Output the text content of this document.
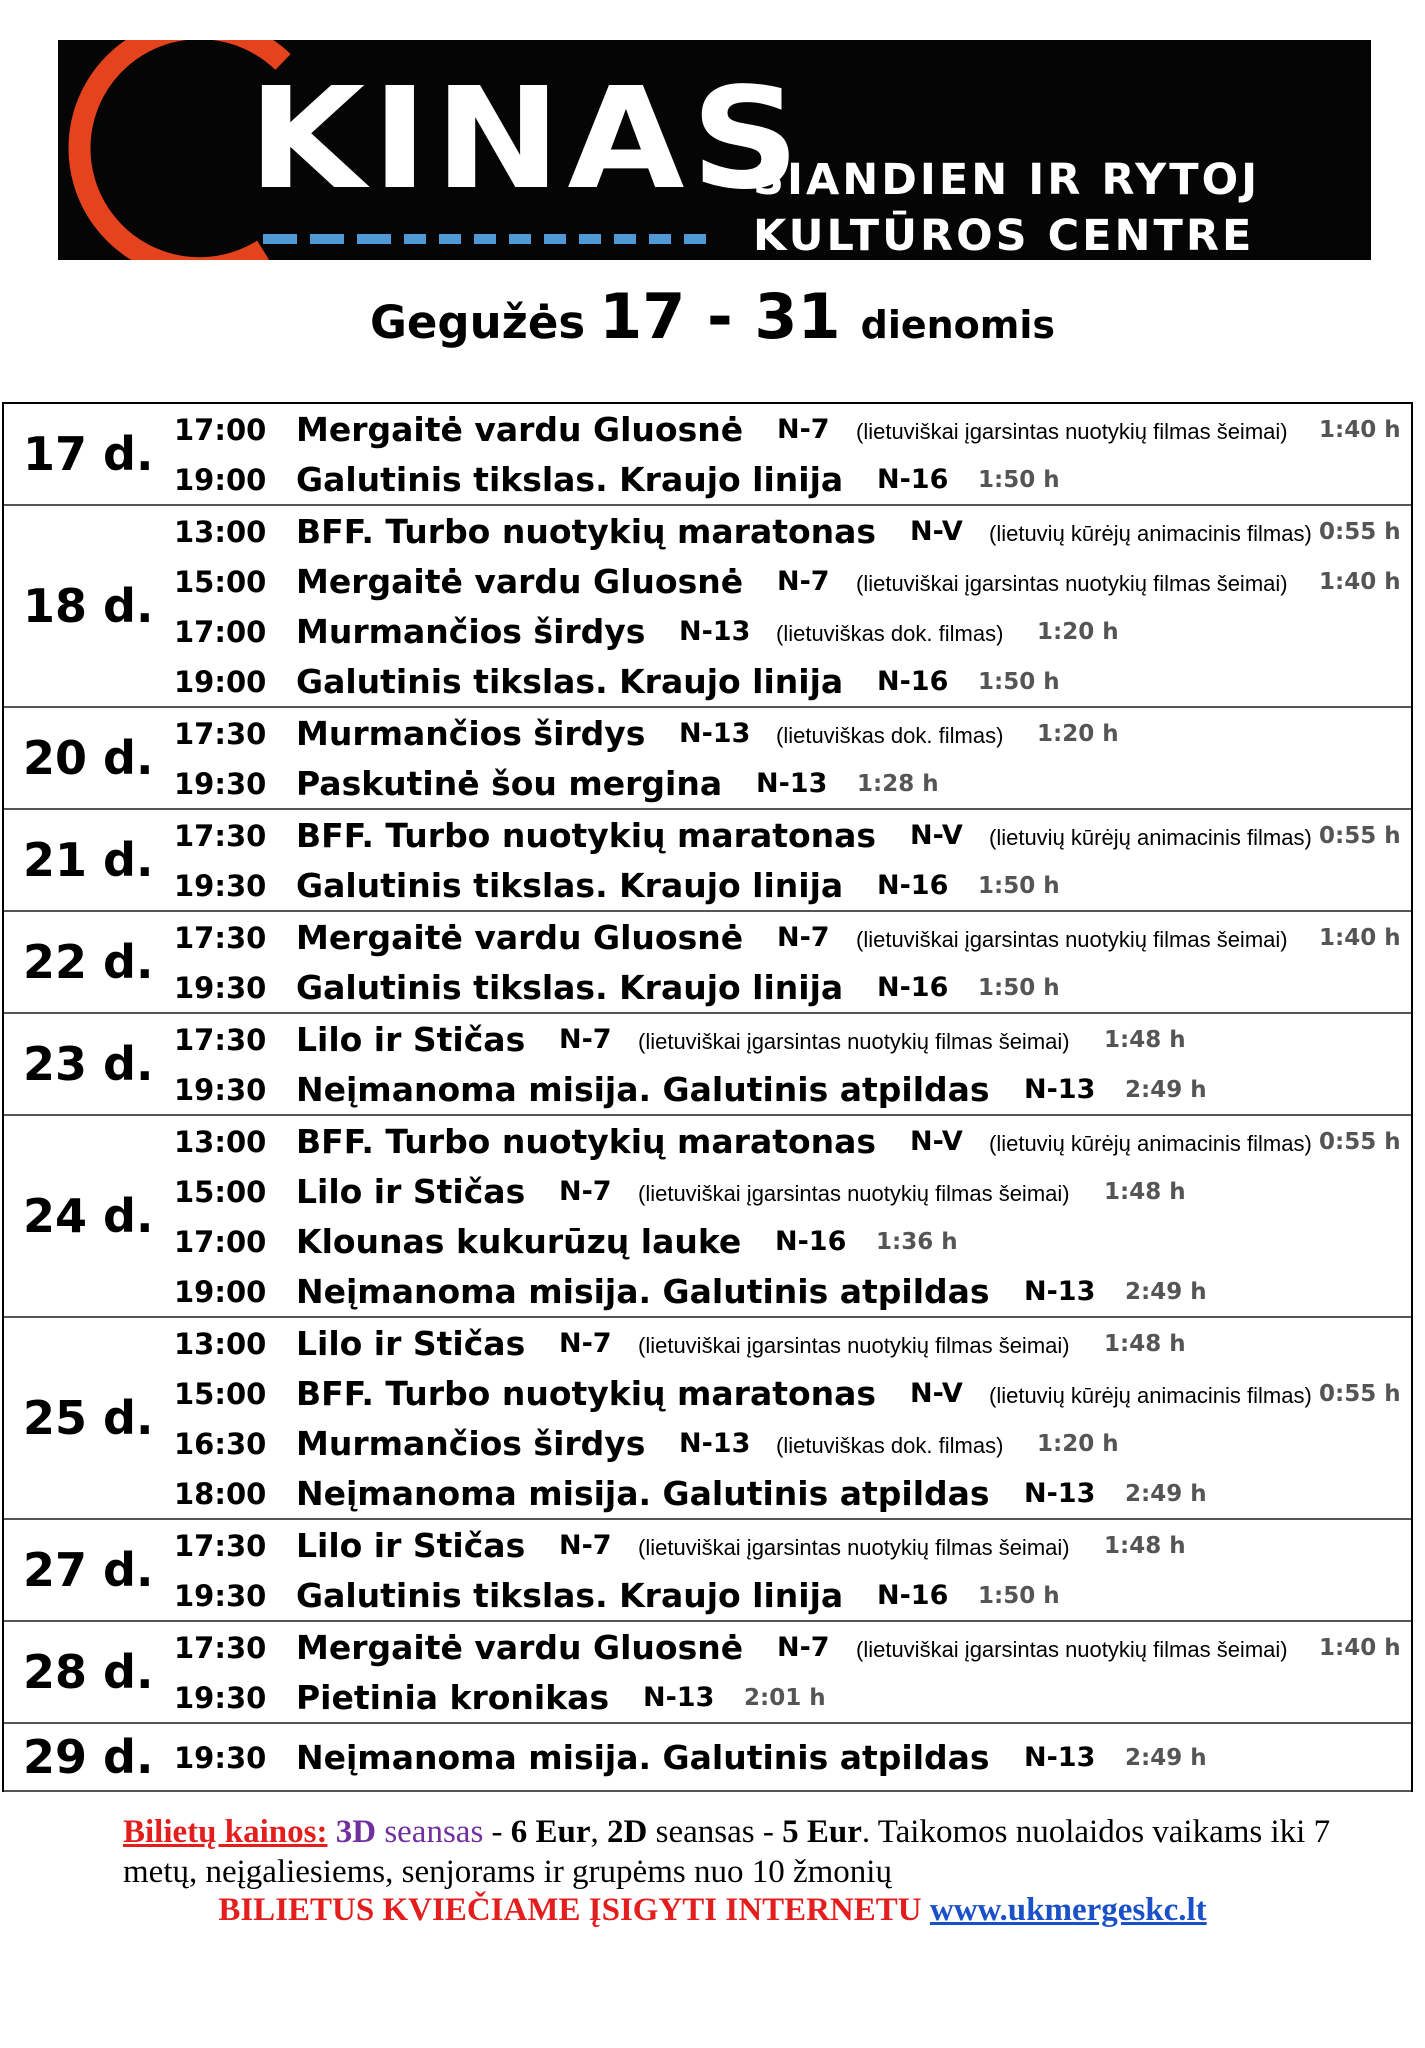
KINAS
ŠIANDIEN IR RYTOJ
KULTŪROS CENTRE
Gegužės 17 - 31 dienomis
17 d. 17:00 Mergaitė vardu Gluosnė N-7 (lietuviškai įgarsintas nuotykių filmas šeimai) 1:40 h
19:00 Galutinis tikslas. Kraujo linija N-16 1:50 h
18 d.
13:00 BFF. Turbo nuotykių maratonas N-V (lietuvių kūrėjų animacinis filmas) 0:55 h
15:00 Mergaitė vardu Gluosnė N-7 (lietuviškai įgarsintas nuotykių filmas šeimai) 1:40 h
17:00 Murmančios širdys N-13 (lietuviškas dok. filmas) 1:20 h
19:00 Galutinis tikslas. Kraujo linija N-16 1:50 h
20 d. 17:30 Murmančios širdys N-13 (lietuviškas dok. filmas) 1:20 h
19:30 Paskutinė šou mergina N-13 1:28 h
21 d. 17:30 BFF. Turbo nuotykių maratonas N-V (lietuvių kūrėjų animacinis filmas) 0:55 h
19:30 Galutinis tikslas. Kraujo linija N-16 1:50 h
22 d. 17:30 Mergaitė vardu Gluosnė N-7 (lietuviškai įgarsintas nuotykių filmas šeimai) 1:40 h
19:30 Galutinis tikslas. Kraujo linija N-16 1:50 h
23 d. 17:30 Lilo ir Stičas N-7 (lietuviškai įgarsintas nuotykių filmas šeimai) 1:48 h
19:30 Neįmanoma misija. Galutinis atpildas N-13 2:49 h
24 d.
13:00 BFF. Turbo nuotykių maratonas N-V (lietuvių kūrėjų animacinis filmas) 0:55 h
15:00 Lilo ir Stičas N-7 (lietuviškai įgarsintas nuotykių filmas šeimai) 1:48 h
17:00 Klounas kukurūzų lauke N-16 1:36 h
19:00 Neįmanoma misija. Galutinis atpildas N-13 2:49 h
25 d.
13:00 Lilo ir Stičas N-7 (lietuviškai įgarsintas nuotykių filmas šeimai) 1:48 h
15:00 BFF. Turbo nuotykių maratonas N-V (lietuvių kūrėjų animacinis filmas) 0:55 h
16:30 Murmančios širdys N-13 (lietuviškas dok. filmas) 1:20 h
18:00 Neįmanoma misija. Galutinis atpildas N-13 2:49 h
27 d. 17:30 Lilo ir Stičas N-7 (lietuviškai įgarsintas nuotykių filmas šeimai) 1:48 h
19:30 Galutinis tikslas. Kraujo linija N-16 1:50 h
28 d. 17:30 Mergaitė vardu Gluosnė N-7 (lietuviškai įgarsintas nuotykių filmas šeimai) 1:40 h
19:30 Pietinia kronikas N-13 2:01 h
29 d. 19:30 Neįmanoma misija. Galutinis atpildas N-13 2:49 h

Bilietų kainos: 3D seansas - 6 Eur, 2D seansas - 5 Eur. Taikomos nuolaidos vaikams iki 7 metų, neįgaliesiems, senjorams ir grupėms nuo 10 žmonių

BILIETUS KVIEČIAME ĮSIGYTI INTERNETU www.ukmergeskc.lt
